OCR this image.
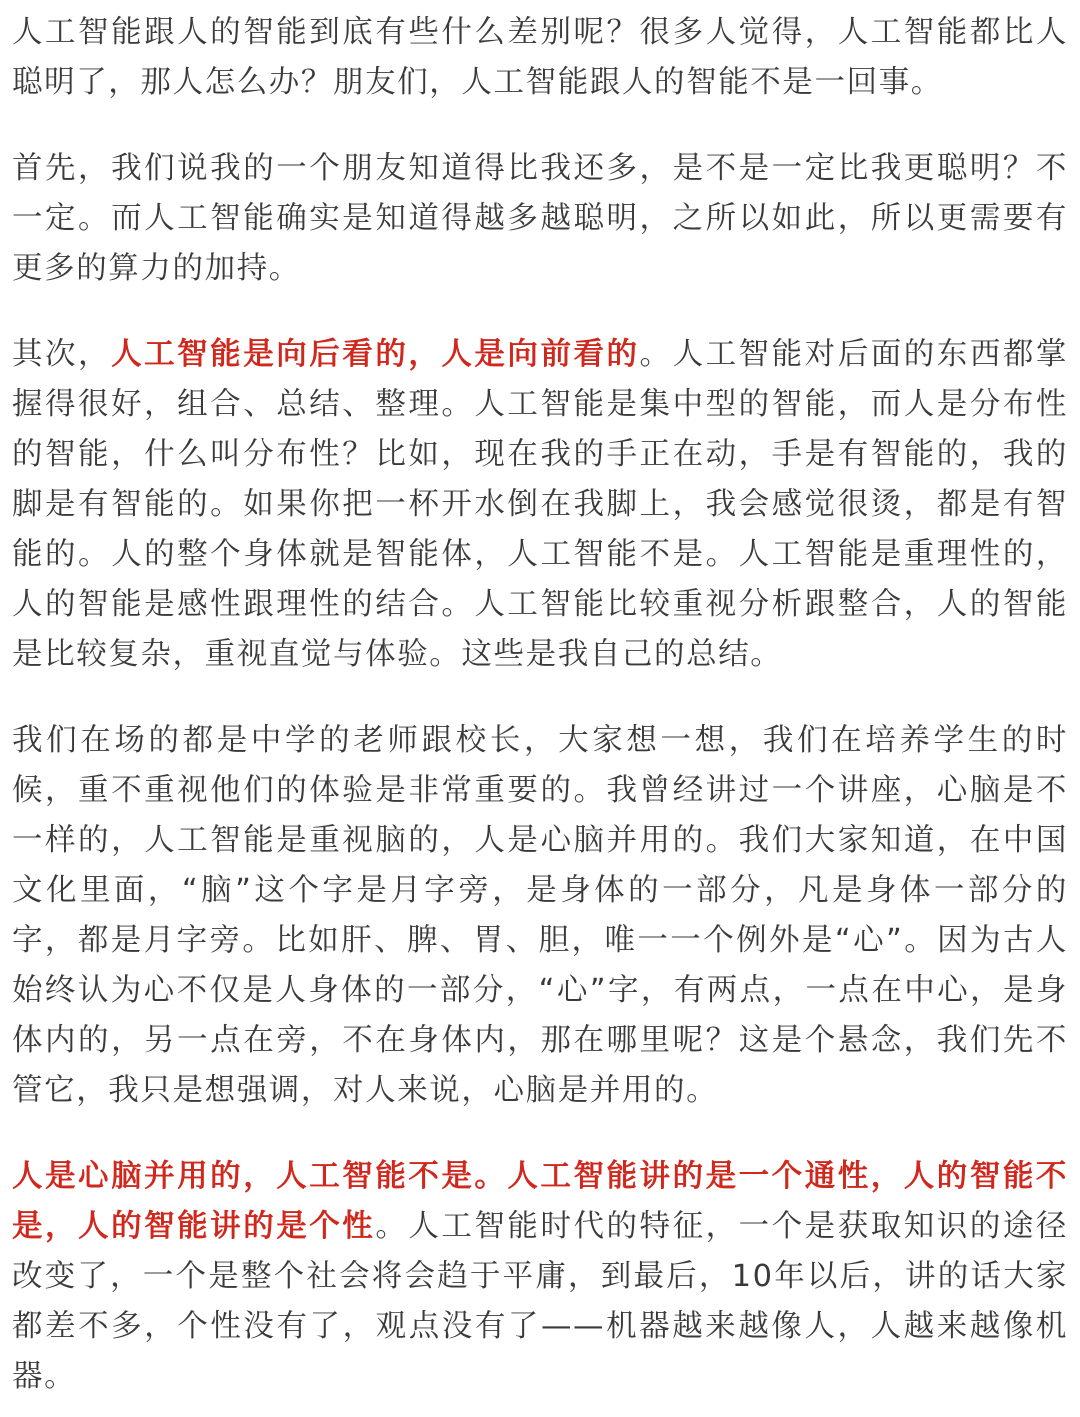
人工智能跟人的智能到底有些什么差别呢？很多人觉得，人工智能都比人聪明了，那人怎么办？朋友们，人工智能跟人的智能不是一回事。

首先，我们说我的一个朋友知道得比我还多，是不是一定比我更聪明？不一定。而人工智能确实是知道得越多越聪明，之所以如此，所以更需要有更多的算力的加持。

其次，人工智能是向后看的，人是向前看的。人工智能对后面的东西都掌握得很好，组合、总结、整理。人工智能是集中型的智能，而人是分布性的智能，什么叫分布性？比如，现在我的手正在动，手是有智能的，我的脚是有智能的。如果你把一杯开水倒在我脚上，我会感觉很烫，都是有智能的。人的整个身体就是智能体，人工智能不是。人工智能是重理性的，人的智能是感性跟理性的结合。人工智能比较重视分析跟整合，人的智能是比较复杂，重视直觉与体验。这些是我自己的总结。

我们在场的都是中学的老师跟校长，大家想一想，我们在培养学生的时候，重不重视他们的体验是非常重要的。我曾经讲过一个讲座，心脑是不一样的，人工智能是重视脑的，人是心脑并用的。我们大家知道，在中国文化里面，“脑”这个字是月字旁，是身体的一部分，凡是身体一部分的字，都是月字旁。比如肝、脾、胃、胆，唯一一个例外是“心”。因为古人始终认为心不仅是人身体的一部分，“心”字，有两点，一点在中心，是身体内的，另一点在旁，不在身体内，那在哪里呢？这是个悬念，我们先不管它，我只是想强调，对人来说，心脑是并用的。

人是心脑并用的，人工智能不是。人工智能讲的是一个通性，人的智能不是，人的智能讲的是个性。人工智能时代的特征，一个是获取知识的途径改变了，一个是整个社会将会趋于平庸，到最后，10年以后，讲的话大家都差不多，个性没有了，观点没有了——机器越来越像人，人越来越像机器。
